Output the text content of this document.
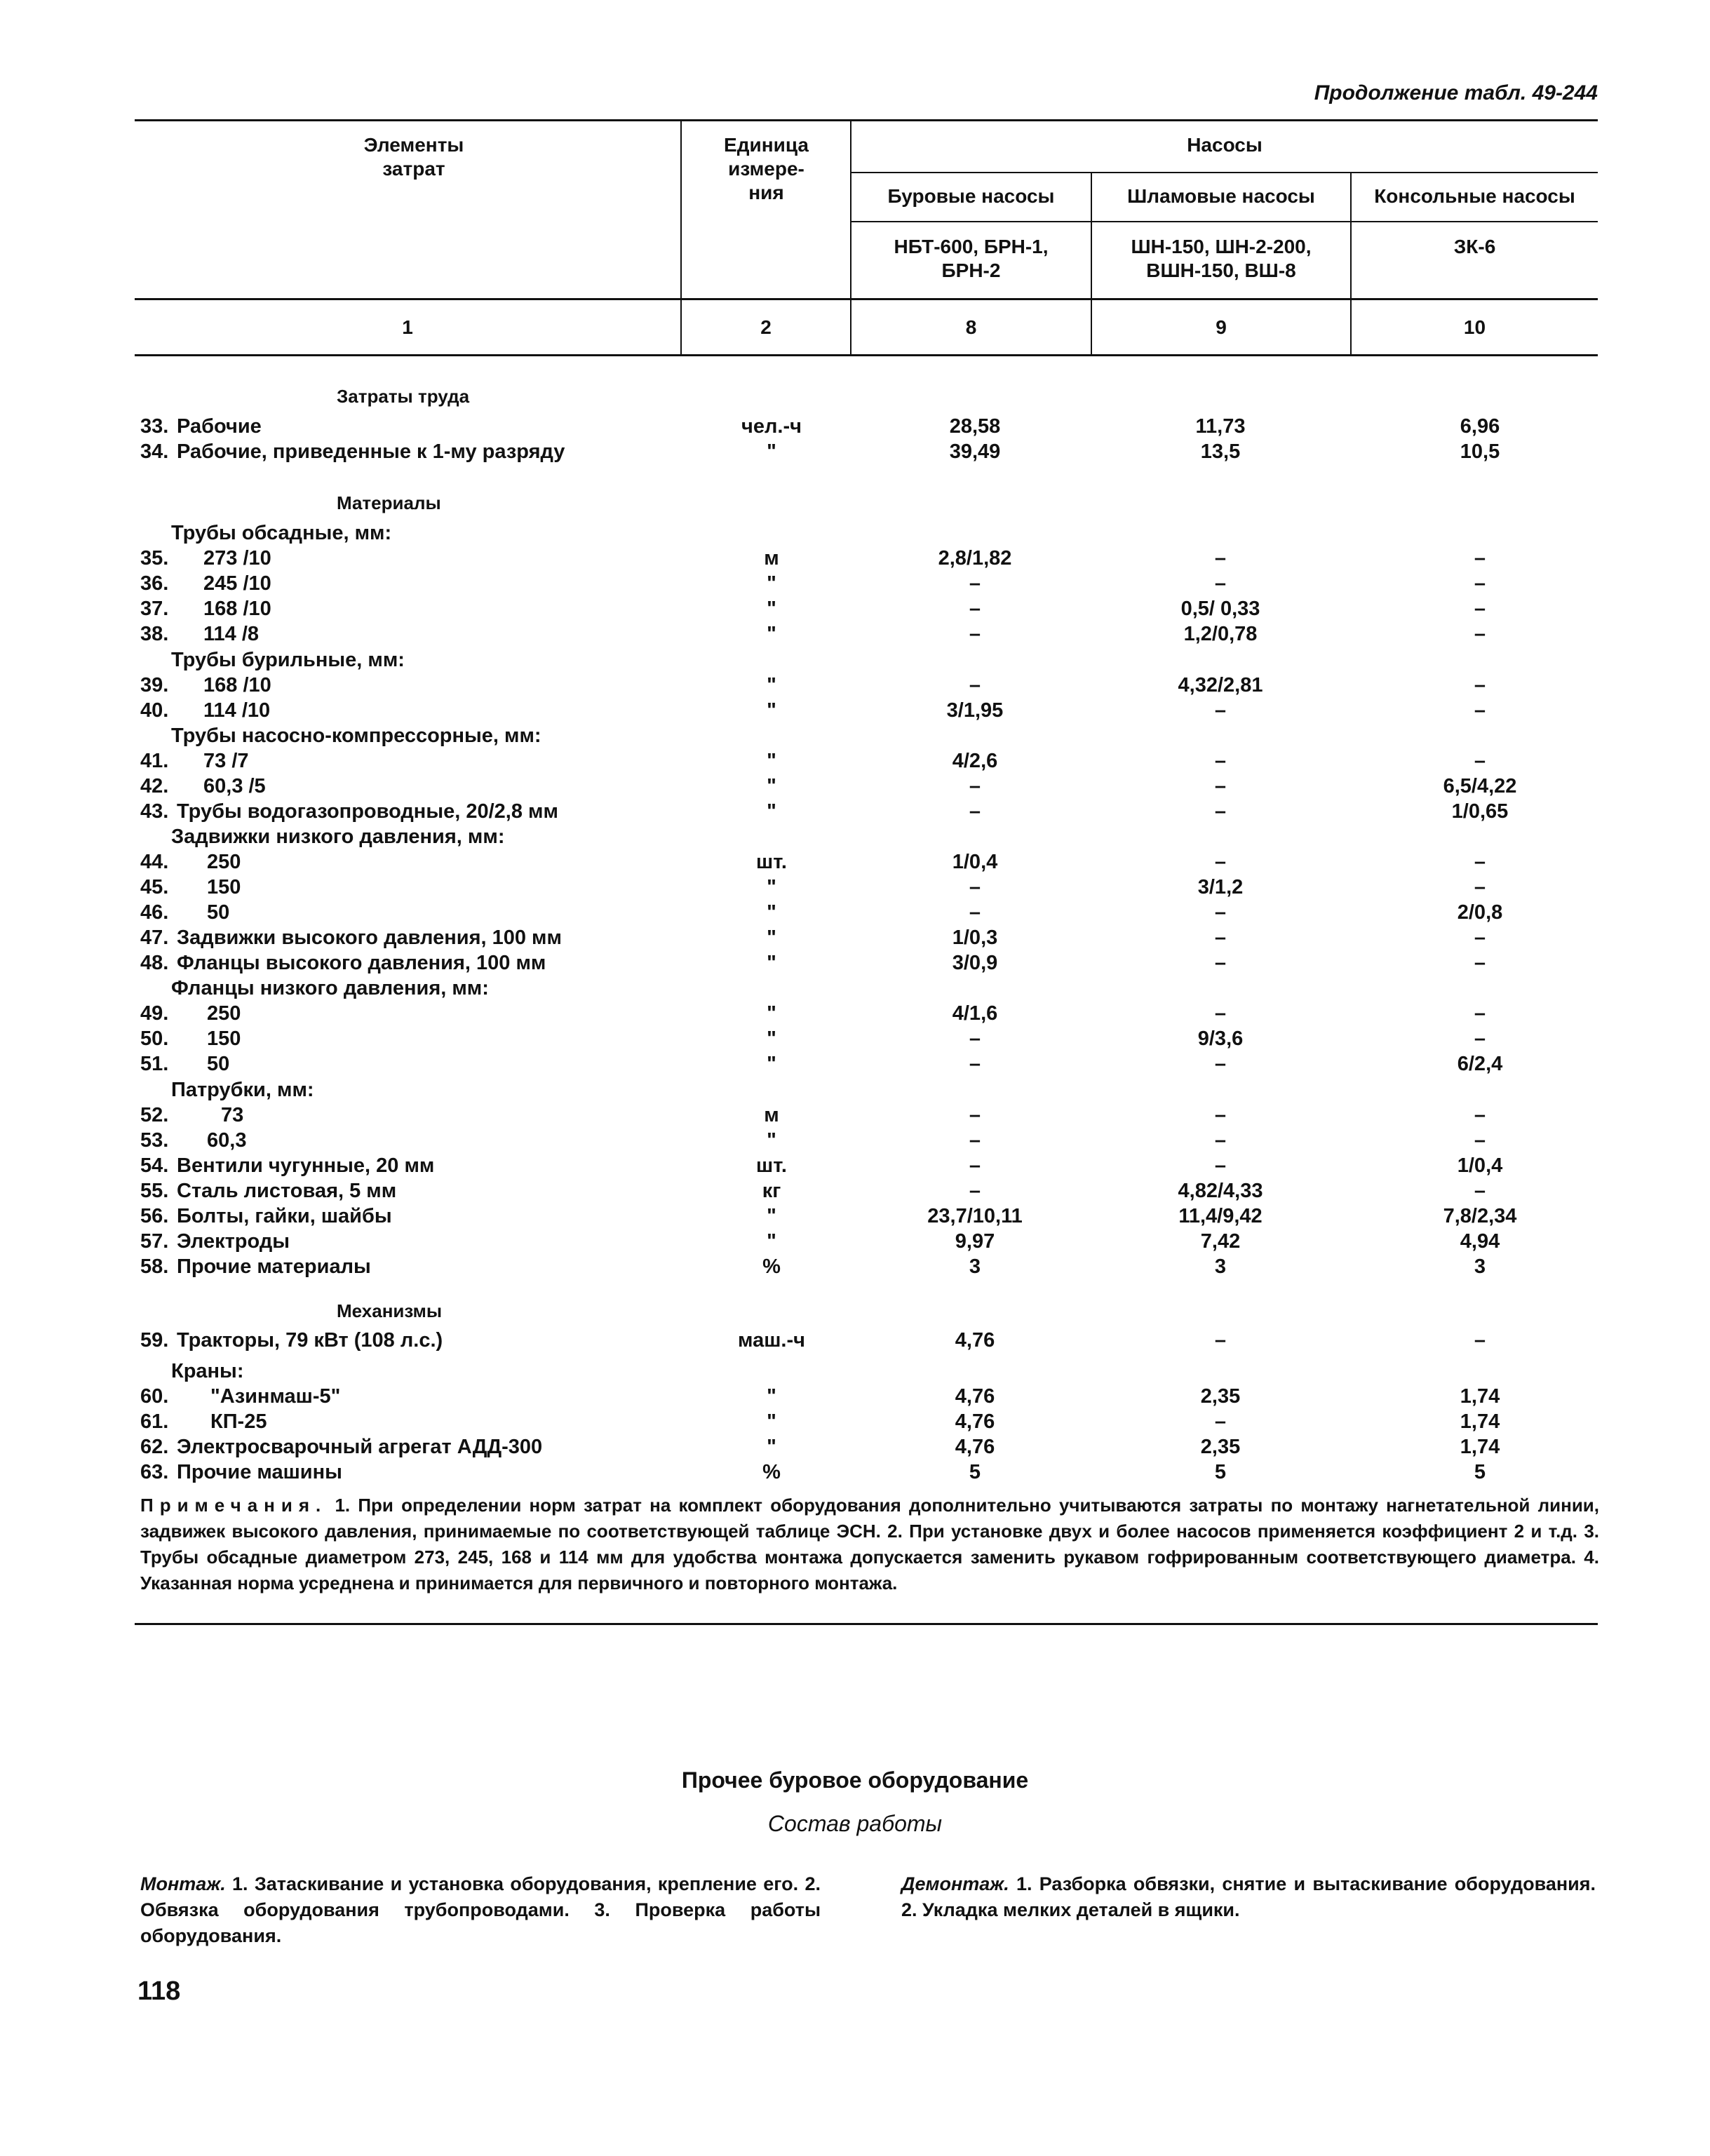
Продолжение табл. 49-244
Элементы
затрат
Единица
измере-
ния
Насосы
Буровые насосы	Шламовые насосы	Консольные насосы
НБТ-600, БРН-1,
БРН-2
ШН-150, ШН-2-200,
ВШН-150, ВШ-8
ЗК-6
1	2	8	9	10
Затраты труда
Материалы
Механизмы
Трубы обсадные, мм:
Трубы бурильные, мм:
Трубы насосно-компрессорные, мм:
Задвижки низкого давления, мм:
Фланцы низкого давления, мм:
Патрубки, мм:
Краны:
33. Рабочие	чел.-ч	28,58	11,73	6,96
34. Рабочие, приведенные к 1-му разряду	"	39,49	13,5	10,5
35. 273 /10	м	2,8/1,82	–	–
36. 245 /10	"	–	–	–
37. 168 /10	"	–	0,5/ 0,33	–
38. 114 /8	"	–	1,2/0,78	–
39. 168 /10	"	–	4,32/2,81	–
40. 114 /10	"	3/1,95	–	–
41. 73 /7	"	4/2,6	–	–
42. 60,3 /5	"	–	–	6,5/4,22
43. Трубы водогазопроводные, 20/2,8 мм	"	–	–	1/0,65
44. 250	шт.	1/0,4	–	–
45. 150	"	–	3/1,2	–
46. 50	"	–	–	2/0,8
47. Задвижки высокого давления, 100 мм	"	1/0,3	–	–
48. Фланцы высокого давления, 100 мм	"	3/0,9	–	–
49. 250	"	4/1,6	–	–
50. 150	"	–	9/3,6	–
51. 50	"	–	–	6/2,4
52.	73	м	–	–	–
53. 60,3	"	–	–	–
54. Вентили чугунные, 20 мм	шт.	–	–	1/0,4
55. Сталь листовая, 5 мм	кг	–	4,82/4,33	–
56. Болты, гайки, шайбы	"	23,7/10,11	11,4/9,42	7,8/2,34
57. Электроды	"	9,97	7,42	4,94
58. Прочие материалы	%	3	3	3
59. Тракторы, 79 кВт (108 л.с.)	маш.-ч	4,76	–	–
60. "Азинмаш-5"	"	4,76	2,35	1,74
61. КП-25	"	4,76	–	1,74
62. Электросварочный агрегат АДД-300	"	4,76	2,35	1,74
63. Прочие машины	%	5	5	5
Примечания. 1. При определении норм затрат на комплект оборудования дополнительно учитываются затраты по монтажу нагнетательной линии, задвижек высокого давления, принимаемые по соответствующей таблице ЭСН. 2. При установке двух и более насосов применяется коэффициент 2 и т.д. 3. Трубы обсадные диаметром 273, 245, 168 и 114 мм для удобства монтажа допускается заменить рукавом гофрированным соответствующего диаметра. 4. Указанная норма усреднена и принимается для первичного и повторного монтажа.
Прочее буровое оборудование
Состав работы
Монтаж. 1. Затаскивание и установка оборудования, крепление его. 2. Обвязка оборудования трубопроводами. 3. Проверка работы оборудования.
Демонтаж. 1. Разборка обвязки, снятие и вытаскивание оборудования. 2. Укладка мелких деталей в ящики.
118
